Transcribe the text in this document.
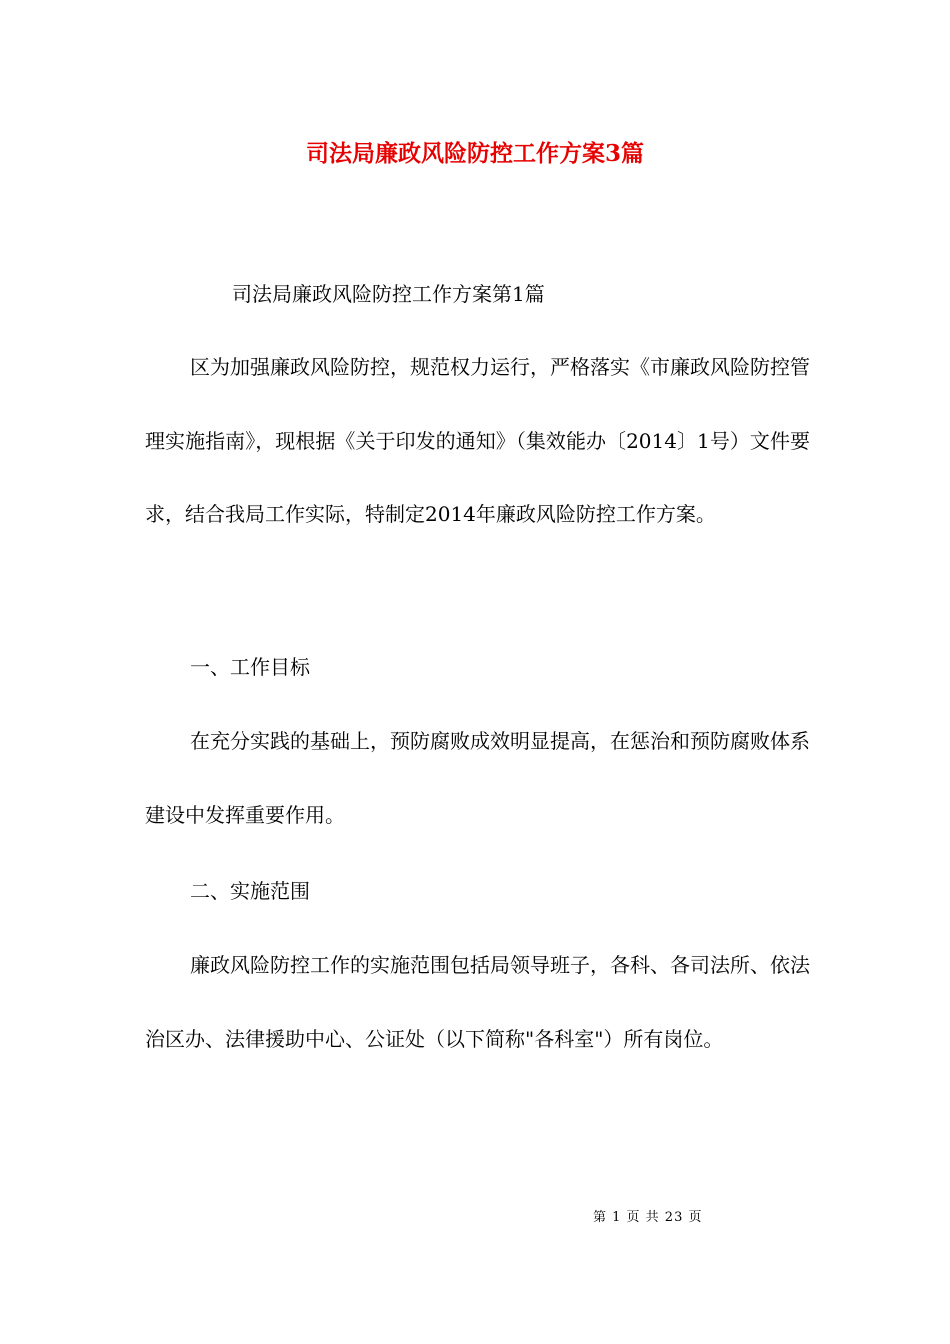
司法局廉政风险防控工作方案3篇
司法局廉政风险防控工作方案第1篇

区为加强廉政风险防控，规范权力运行，严格落实《市廉政风险防控管理实施指南》，现根据《关于印发的通知》（集效能办〔2014〕1号）文件要求，结合我局工作实际，特制定2014年廉政风险防控工作方案。

一、工作目标

在充分实践的基础上，预防腐败成效明显提高，在惩治和预防腐败体系建设中发挥重要作用。

二、实施范围

廉政风险防控工作的实施范围包括局领导班子，各科、各司法所、依法治区办、法律援助中心、公证处（以下简称"各科室"）所有岗位。

第 1 页 共 23 页
